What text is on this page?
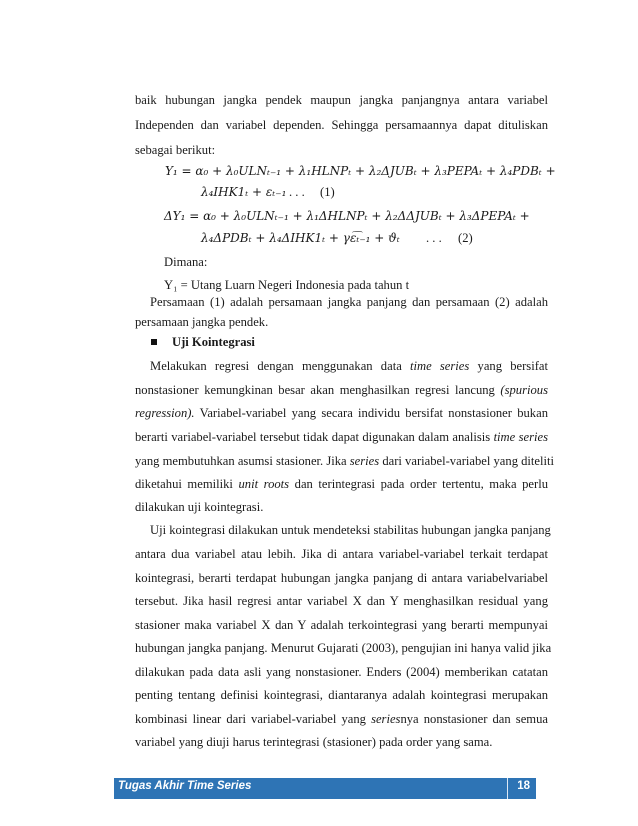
baik hubungan jangka pendek maupun jangka panjangnya antara variabel
Independen dan variabel dependen. Sehingga persamaannya dapat dituliskan
sebagai berikut:
Y₁ = α₀ + λ₀ULNₜ₋₁ + λ₁HLNPₜ + λ₂ΔJUBₜ + λ₃PEPAₜ + λ₄PDBₜ +
λ₄IHK1ₜ + εₜ₋₁ . . . (1)
ΔY₁ = α₀ + λ₀ULNₜ₋₁ + λ₁ΔHLNPₜ + λ₂ΔΔJUBₜ + λ₃ΔPEPAₜ +
λ₄ΔPDBₜ + λ₄ΔIHK1ₜ + γε͡ₜ₋₁ + ϑₜ . . . (2)
Dimana:
Y₁ = Utang Luarn Negeri Indonesia pada tahun t
Persamaan (1) adalah persamaan jangka panjang dan persamaan (2) adalah
persamaan jangka pendek.
Uji Kointegrasi
Melakukan regresi dengan menggunakan data time series yang bersifat
nonstasioner kemungkinan besar akan menghasilkan regresi lancung (spurious
regression). Variabel-variabel yang secara individu bersifat nonstasioner bukan
berarti variabel-variabel tersebut tidak dapat digunakan dalam analisis time series
yang membutuhkan asumsi stasioner. Jika series dari variabel-variabel yang diteliti
diketahui memiliki unit roots dan terintegrasi pada order tertentu, maka perlu
dilakukan uji kointegrasi.
Uji kointegrasi dilakukan untuk mendeteksi stabilitas hubungan jangka panjang
antara dua variabel atau lebih. Jika di antara variabel-variabel terkait terdapat
kointegrasi, berarti terdapat hubungan jangka panjang di antara variabelvariabel
tersebut. Jika hasil regresi antar variabel X dan Y menghasilkan residual yang
stasioner maka variabel X dan Y adalah terkointegrasi yang berarti mempunyai
hubungan jangka panjang. Menurut Gujarati (2003), pengujian ini hanya valid jika
dilakukan pada data asli yang nonstasioner. Enders (2004) memberikan catatan
penting tentang definisi kointegrasi, diantaranya adalah kointegrasi merupakan
kombinasi linear dari variabel-variabel yang seriesnya nonstasioner dan semua
variabel yang diuji harus terintegrasi (stasioner) pada order yang sama.
Tugas Akhir Time Series	18
